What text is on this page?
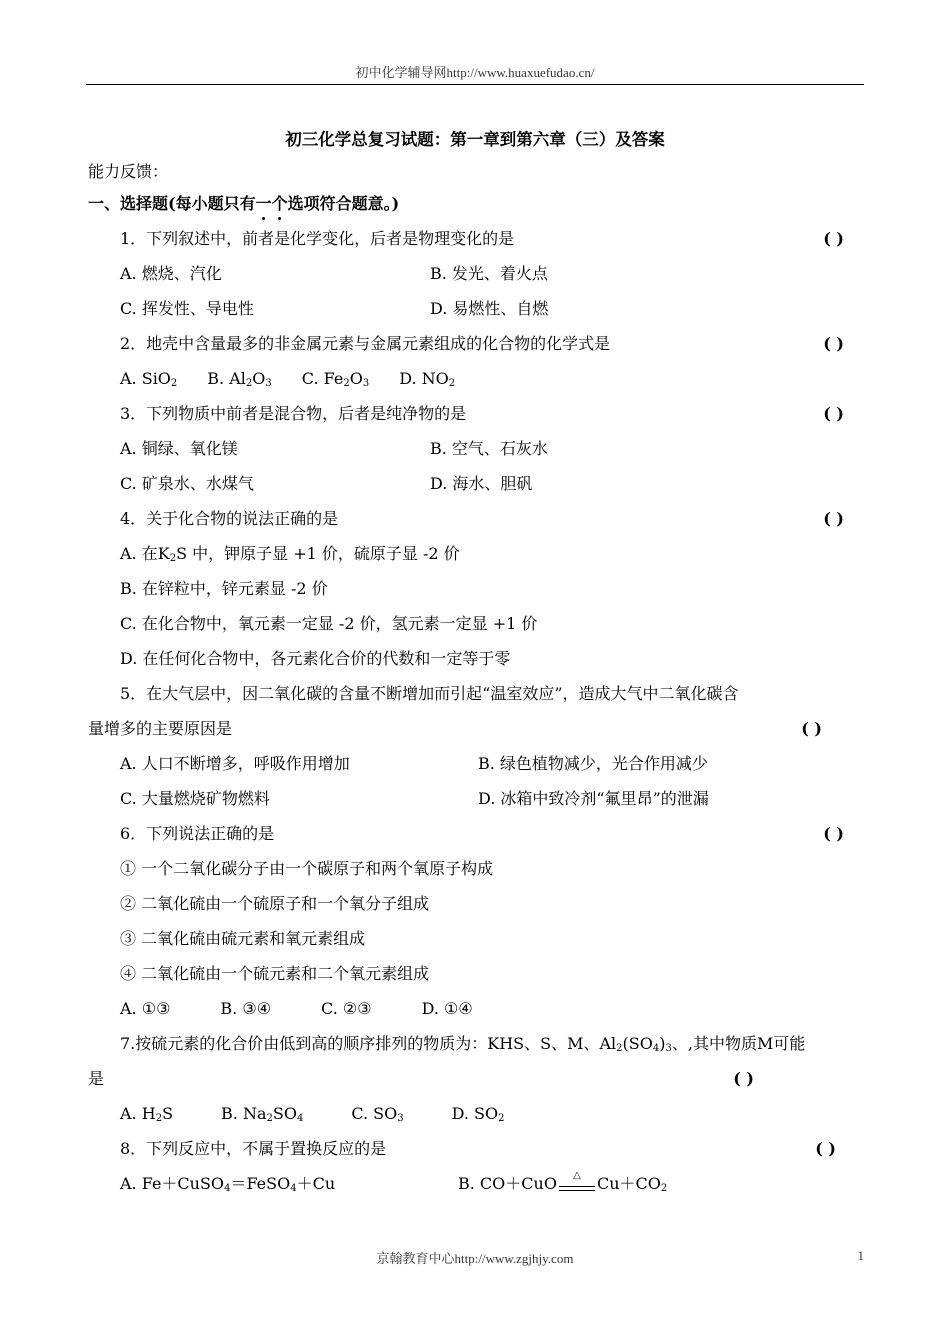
初中化学辅导网http://www.huaxuefudao.cn/
初三化学总复习试题：第一章到第六章（三）及答案
能力反馈：
一、选择题(每小题只有一个选项符合题意。)
1．下列叙述中，前者是化学变化，后者是物理变化的是	( )
A. 燃烧、汽化	B. 发光、着火点
C. 挥发性、导电性	D. 易燃性、自燃
2．地壳中含量最多的非金属元素与金属元素组成的化合物的化学式是	( )
A. SiO$_2$ B. $Al_2O_3$ C. $Fe_2O_3$ D. $NO_2$
3．下列物质中前者是混合物，后者是纯净物的是	( )
A. 铜绿、氧化镁	B. 空气、石灰水
C. 矿泉水、水煤气	D. 海水、胆矾
4．关于化合物的说法正确的是	( )
A. 在$K_2S$ 中，钾原子显 +1 价，硫原子显 -2 价
B. 在锌粒中，锌元素显 -2 价
C. 在化合物中，氧元素一定显 -2 价，氢元素一定显 +1 价
D. 在任何化合物中，各元素化合价的代数和一定等于零
5．在大气层中，因二氧化碳的含量不断增加而引起“温室效应”，造成大气中二氧化碳含
量增多的主要原因是	( )
A. 人口不断增多，呼吸作用增加	B. 绿色植物减少，光合作用减少
C. 大量燃烧矿物燃料	D. 冰箱中致冷剂“氟里昂”的泄漏
6．下列说法正确的是	( )
① 一个二氧化碳分子由一个碳原子和两个氧原子构成
② 二氧化硫由一个硫原子和一个氧分子组成
③ 二氧化硫由硫元素和氧元素组成
④ 二氧化硫由一个硫元素和二个氧元素组成
A. ①③	B. ③④	C. ②③	D. ①④
7.按硫元素的化合价由低到高的顺序排列的物质为：KHS、S、M、$Al_2(SO_4)_3$、,其中物质M可能
是	( )
A. $H_2S$	B. $Na_2SO_4$	C. $SO_3$	D. $SO_2$
8．下列反应中，不属于置换反应的是	( )
A. Fe＋CuSO$_4$＝FeSO$_4$＋Cu	B. CO＋CuO	△	$Cu+CO_2$
京翰教育中心http://www.zgjhjy.com	1
